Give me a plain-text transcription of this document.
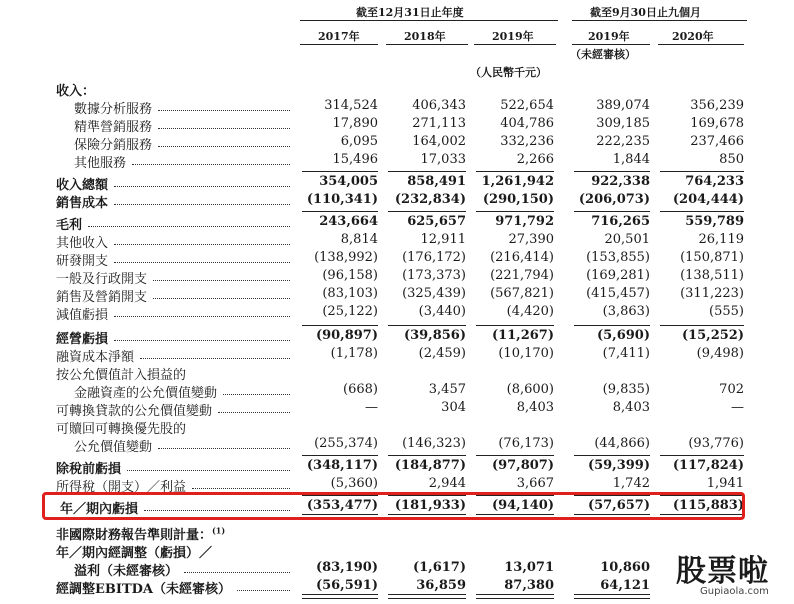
截至12月31日止年度	截至9月30日止九個月
2017年	2018年	2019年	2019年	2020年
（未經審核）
（人民幣千元）
收入：
數據分析服務	314,524	406,343	522,654	389,074	356,239
精準營銷服務	17,890	271,113	404,786	309,185	169,678
保險分銷服務	6,095	164,002	332,236	222,235	237,466
其他服務	15,496	17,033	2,266	1,844	850
收入總額	354,005	858,491	1,261,942	922,338	764,233
銷售成本	(110,341)	(232,834)	(290,150)	(206,073)	(204,444)
毛利	243,664	625,657	971,792	716,265	559,789
其他收入	8,814	12,911	27,390	20,501	26,119
研發開支	(138,992)	(176,172)	(216,414)	(153,855)	(150,871)
一般及行政開支	(96,158)	(173,373)	(221,794)	(169,281)	(138,511)
銷售及營銷開支	(83,103)	(325,439)	(567,821)	(415,457)	(311,223)
減值虧損	(25,122)	(3,440)	(4,420)	(3,863)	(555)
經營虧損	(90,897)	(39,856)	(11,267)	(5,690)	(15,252)
融資成本淨額	(1,178)	(2,459)	(10,170)	(7,411)	(9,498)
按公允價值計入損益的
金融資產的公允價值變動	(668)	3,457	(8,600)	(9,835)	702
可轉換貸款的公允價值變動	—	304	8,403	8,403	—
可贖回可轉換優先股的
公允價值變動	(255,374)	(146,323)	(76,173)	(44,866)	(93,776)
除稅前虧損	(348,117)	(184,877)	(97,807)	(59,399)	(117,824)
所得稅（開支）／利益	(5,360)	2,944	3,667	1,742	1,941
年／期內虧損	(353,477)	(181,933)	(94,140)	(57,657)	(115,883)
非國際財務報告準則計量：$^{(1)}$
年／期內經調整（虧損）／
溢利（未經審核）	(83,190)	(1,617)	13,071	10,860
經調整EBITDA（未經審核）	(56,591)	36,859	87,380	64,121 股票啦
Gupiaola.com
